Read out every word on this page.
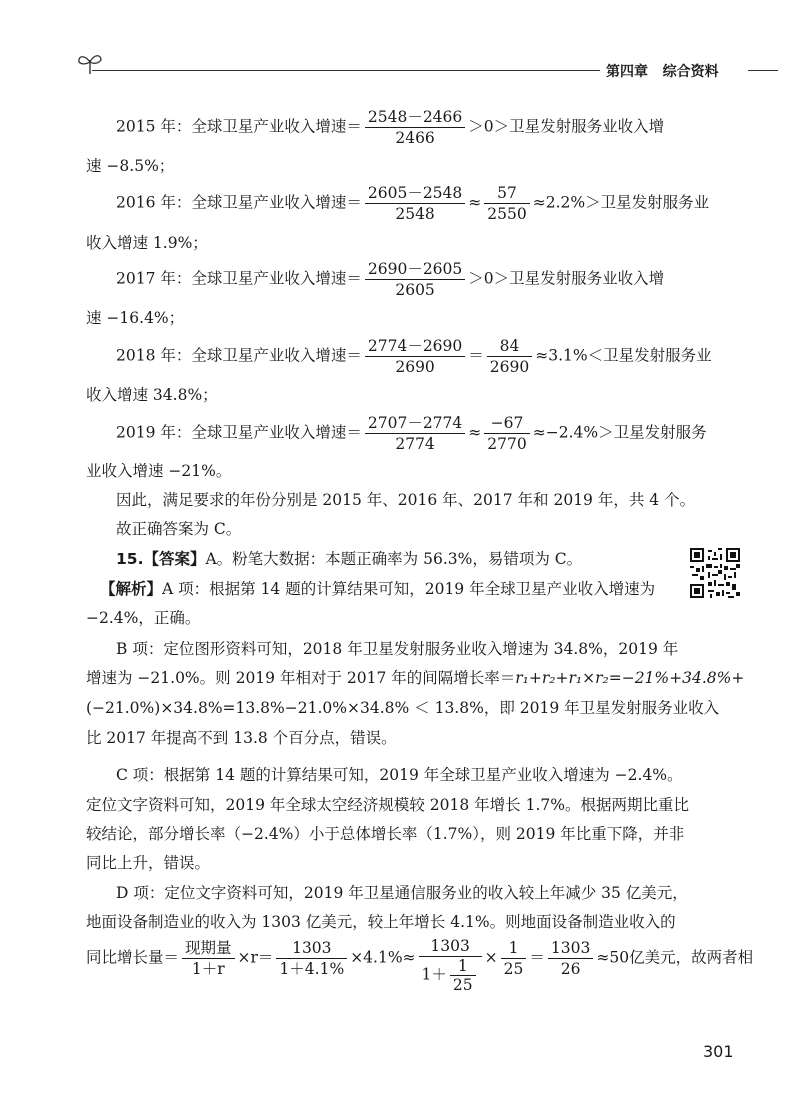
第四章 综合资料
2015 年：全球卫星产业收入增速＝ $\frac{2548-2466}{2466} >0>$卫星发射服务业收入增
速 −8.5%；
2016 年：全球卫星产业收入增速＝ $\frac{2605-2548}{2548} \approx \frac{57}{2550} \approx 2.2\%>$卫星发射服务业
收入增速 1.9%；
2017 年：全球卫星产业收入增速＝ $\frac{2690-2605}{2605} >0>$卫星发射服务业收入增
速 −16.4%；
2018 年：全球卫星产业收入增速＝ $\frac{2774-2690}{2690} = \frac{84}{2690} \approx 3.1\%<$卫星发射服务业
收入增速 34.8%；
2019 年：全球卫星产业收入增速＝ $\frac{2707-2774}{2774} \approx \frac{-67}{2770} \approx-2.4\%>$卫星发射服务
业收入增速 −21%。
因此，满足要求的年份分别是 2015 年、2016 年、2017 年和 2019 年，共 4 个。
故正确答案为 C。
15.【答案】A。粉笔大数据：本题正确率为 56.3%，易错项为 C。
【解析】A 项：根据第 14 题的计算结果可知，2019 年全球卫星产业收入增速为
−2.4%，正确。
B 项：定位图形资料可知，2018 年卫星发射服务业收入增速为 34.8%，2019 年
增速为 −21.0%。则 2019 年相对于 2017 年的间隔增长率＝r₁+r₂+r₁×r₂=−21%+34.8%+
(−21.0%)×34.8%=13.8%−21.0%×34.8% ＜ 13.8%，即 2019 年卫星发射服务业收入
比 2017 年提高不到 13.8 个百分点，错误。
C 项：根据第 14 题的计算结果可知，2019 年全球卫星产业收入增速为 −2.4%。
定位文字资料可知，2019 年全球太空经济规模较 2018 年增长 1.7%。根据两期比重比
较结论，部分增长率（−2.4%）小于总体增长率（1.7%），则 2019 年比重下降，并非
同比上升，错误。
D 项：定位文字资料可知，2019 年卫星通信服务业的收入较上年减少 35 亿美元，
地面设备制造业的收入为 1303 亿美元，较上年增长 4.1%。则地面设备制造业收入的
同比增长量＝ $\frac{\text{现期量}}{1+r} \times r= \frac{1303}{1+4.1\%} \times 4.1\%\approx \frac{1303}{1+ \frac{1}{25}} \times \frac{1}{25} = \frac{1303}{26} \approx 50$亿美元，故两者相
301
